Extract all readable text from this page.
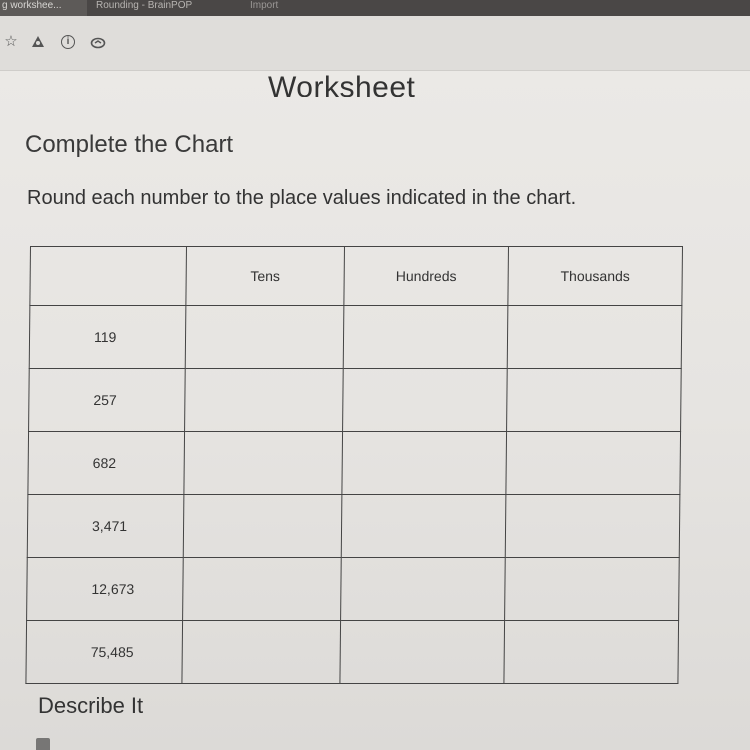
g workshee...	Rounding - BrainPOP	Import
☆	i
Worksheet
Complete the Chart
Round each number to the place values indicated in the chart.
	Tens	Hundreds	Thousands
119			
257			
682			
3,471			
12,673			
75,485			
Describe It
